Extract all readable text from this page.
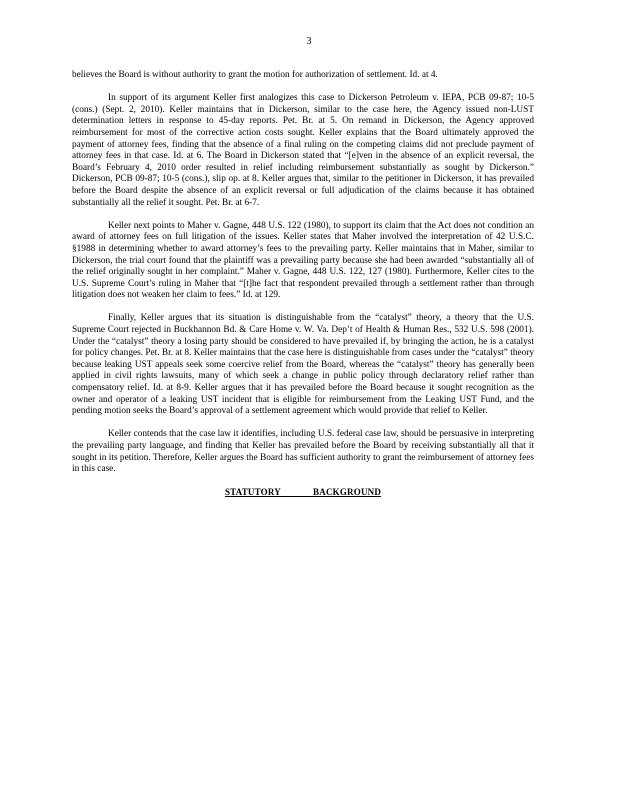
3

believes the Board is without authority to grant the motion for authorization of settlement. Id. at 4.

In support of its argument Keller first analogizes this case to Dickerson Petroleum v. IEPA, PCB 09-87; 10-5 (cons.) (Sept. 2, 2010). Keller maintains that in Dickerson, similar to the case here, the Agency issued non-LUST determination letters in response to 45-day reports. Pet. Br. at 5. On remand in Dickerson, the Agency approved reimbursement for most of the corrective action costs sought. Keller explains that the Board ultimately approved the payment of attorney fees, finding that the absence of a final ruling on the competing claims did not preclude payment of attorney fees in that case. Id. at 6. The Board in Dickerson stated that “[e]ven in the absence of an explicit reversal, the Board’s February 4, 2010 order resulted in relief including reimbursement substantially as sought by Dickerson.” Dickerson, PCB 09-87; 10-5 (cons.), slip op. at 8. Keller argues that, similar to the petitioner in Dickerson, it has prevailed before the Board despite the absence of an explicit reversal or full adjudication of the claims because it has obtained substantially all the relief it sought. Pet. Br. at 6-7.

Keller next points to Maher v. Gagne, 448 U.S. 122 (1980), to support its claim that the Act does not condition an award of attorney fees on full litigation of the issues. Keller states that Maher involved the interpretation of 42 U.S.C. §1988 in determining whether to award attorney’s fees to the prevailing party. Keller maintains that in Maher, similar to Dickerson, the trial court found that the plaintiff was a prevailing party because she had been awarded “substantially all of the relief originally sought in her complaint.” Maher v. Gagne, 448 U.S. 122, 127 (1980). Furthermore, Keller cites to the U.S. Supreme Court’s ruling in Maher that “[t]he fact that respondent prevailed through a settlement rather than through litigation does not weaken her claim to fees.” Id. at 129.

Finally, Keller argues that its situation is distinguishable from the “catalyst” theory, a theory that the U.S. Supreme Court rejected in Buckhannon Bd. & Care Home v. W. Va. Dep’t of Health & Human Res., 532 U.S. 598 (2001). Under the “catalyst” theory a losing party should be considered to have prevailed if, by bringing the action, he is a catalyst for policy changes. Pet. Br. at 8. Keller maintains that the case here is distinguishable from cases under the “catalyst” theory because leaking UST appeals seek some coercive relief from the Board, whereas the “catalyst” theory has generally been applied in civil rights lawsuits, many of which seek a change in public policy through declaratory relief rather than compensatory relief. Id. at 8-9. Keller argues that it has prevailed before the Board because it sought recognition as the owner and operator of a leaking UST incident that is eligible for reimbursement from the Leaking UST Fund, and the pending motion seeks the Board’s approval of a settlement agreement which would provide that relief to Keller.

Keller contends that the case law it identifies, including U.S. federal case law, should be persuasive in interpreting the prevailing party language, and finding that Keller has prevailed before the Board by receiving substantially all that it sought in its petition. Therefore, Keller argues the Board has sufficient authority to grant the reimbursement of attorney fees in this case.

STATUTORY BACKGROUND
